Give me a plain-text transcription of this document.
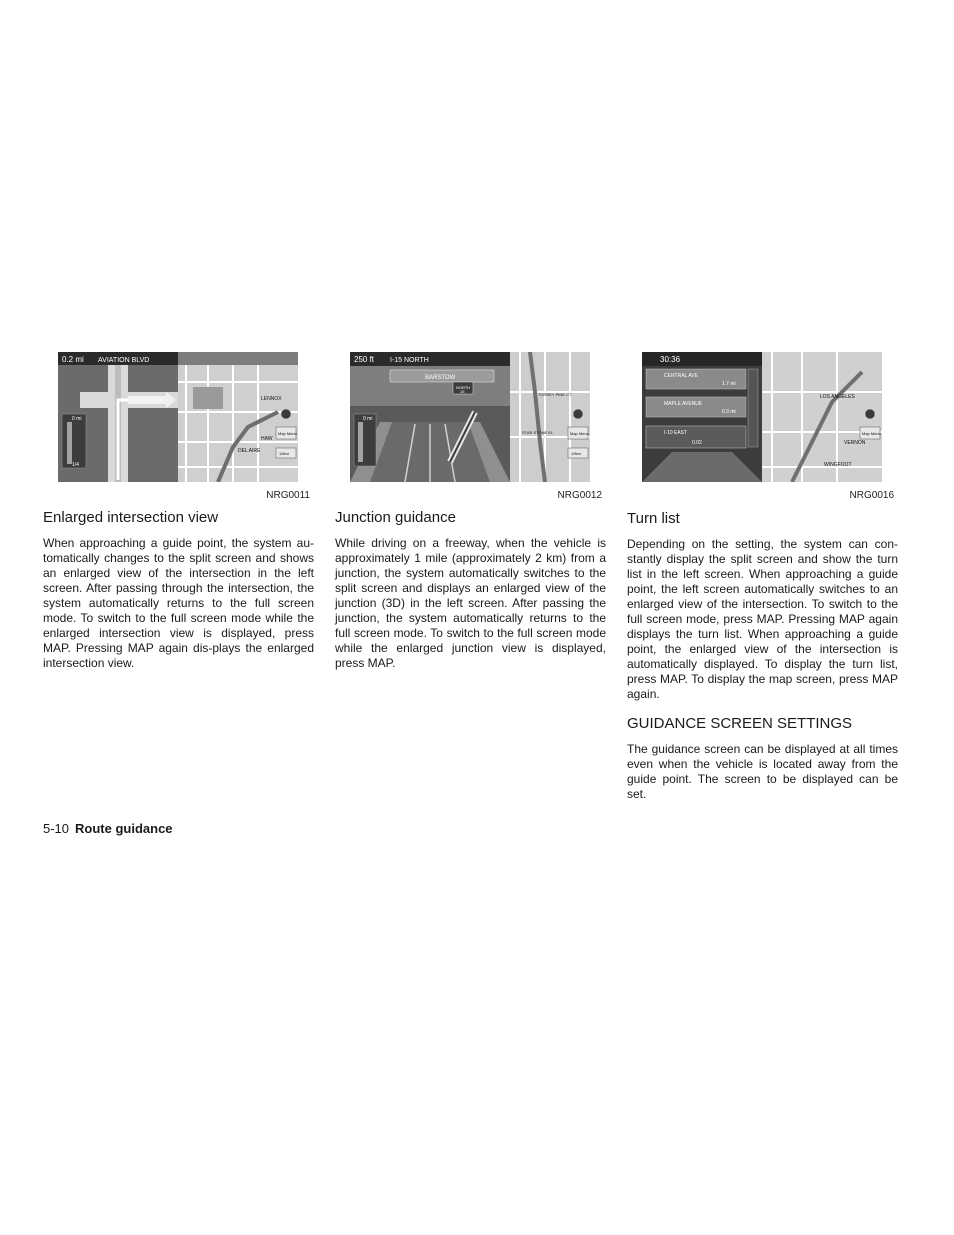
0.2 mi AVIATION BLVD
0 mi
1/4
LENNOX
HAW
DEL AIRE
Map Menu
1/8mi
NRG0011
250 ft I-15 NORTH
BARSTOW
NORTH
15
0 mi
TORREY PINE CT
STAR STONE EL	Map Menu
1/8mi
NRG0012
30:36
CENTRAL AVE
1.7 mi
MAPLE AVENUE
0.3 mi
I-10 EAST
0.02
LOS ANGELES
VERNON
WINGFOOT
Map Menu
NRG0016
Enlarged intersection view

When approaching a guide point, the system au-tomatically changes to the split screen and shows an enlarged view of the intersection in the left screen. After passing through the intersection, the system automatically returns to the full screen mode. To switch to the full screen mode while the enlarged intersection view is displayed, press MAP. Pressing MAP again dis-plays the enlarged intersection view.

Junction guidance

While driving on a freeway, when the vehicle is approximately 1 mile (approximately 2 km) from a junction, the system automatically switches to the split screen and displays an enlarged view of the junction (3D) in the left screen. After passing the junction, the system automatically returns to the full screen mode. To switch to the full screen mode while the enlarged junction view is displayed, press MAP.

Turn list

Depending on the setting, the system can con-stantly display the split screen and show the turn list in the left screen. When approaching a guide point, the left screen automatically switches to an enlarged view of the intersection. To switch to the full screen mode, press MAP. Pressing MAP again displays the turn list. When approaching a guide point, the enlarged view of the intersection is automatically displayed. To display the turn list, press MAP. To display the map screen, press MAP again.

GUIDANCE SCREEN SETTINGS

The guidance screen can be displayed at all times even when the vehicle is located away from the guide point. The screen to be displayed can be set.

5-10 Route guidance
